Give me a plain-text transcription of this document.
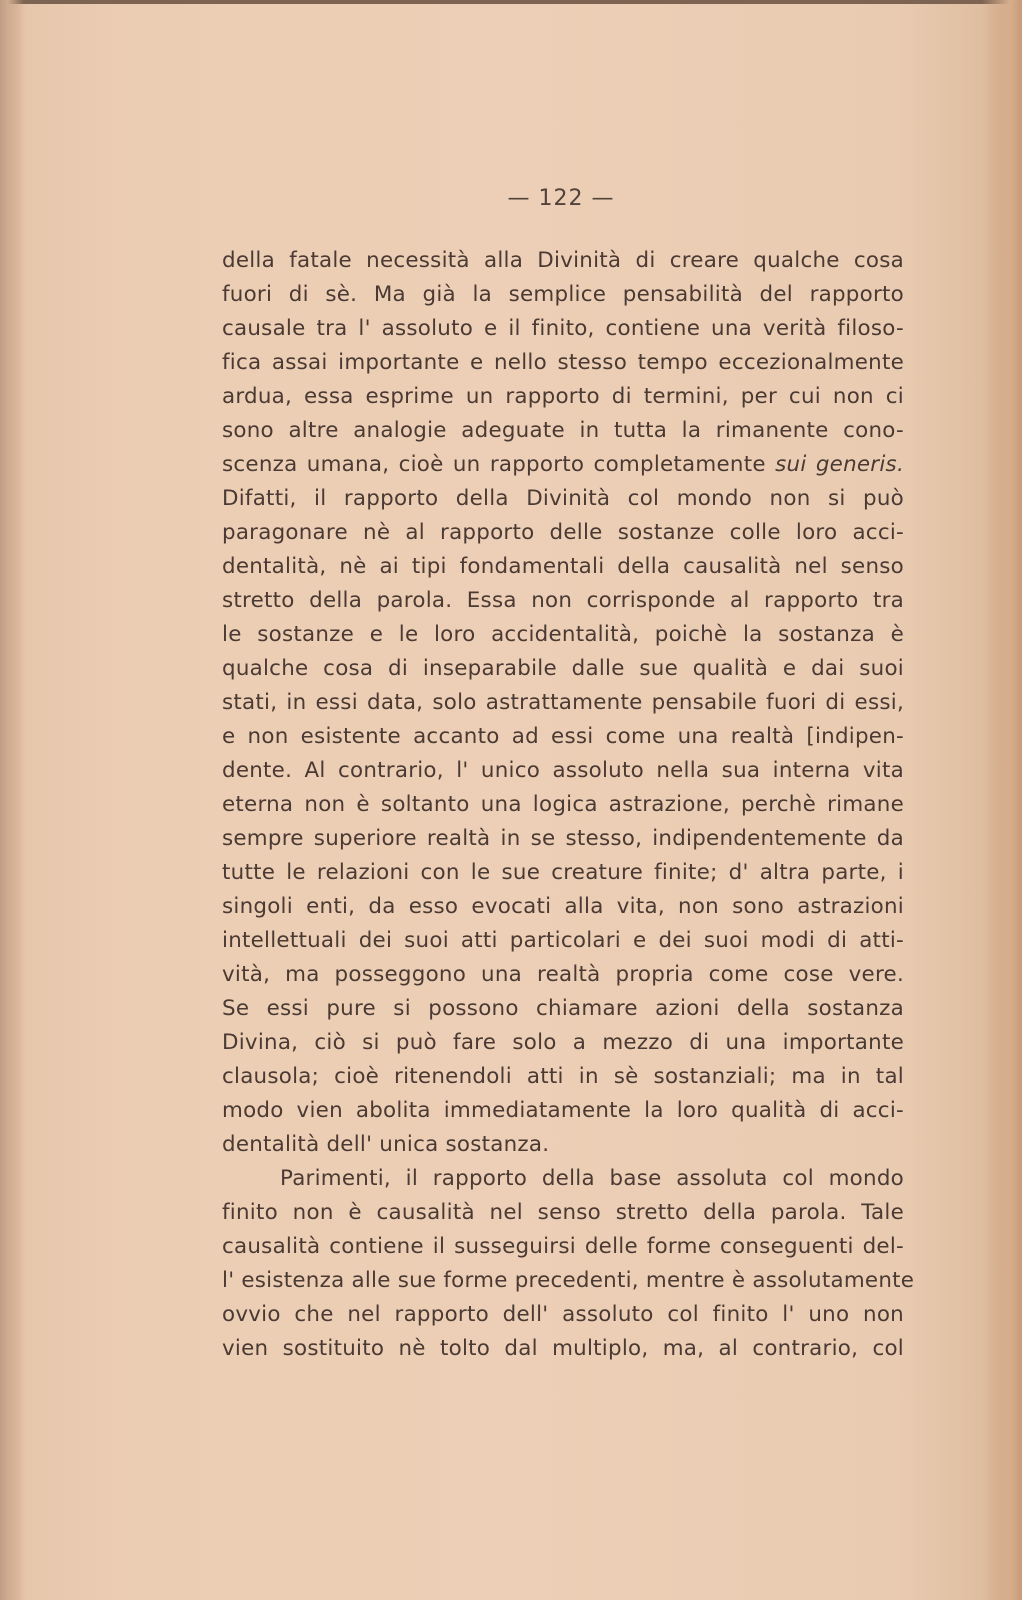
— 122 —
della fatale necessità alla Divinità di creare qualche cosa
fuori di sè. Ma già la semplice pensabilità del rapporto
causale tra l' assoluto e il finito, contiene una verità filoso-
fica assai importante e nello stesso tempo eccezionalmente
ardua, essa esprime un rapporto di termini, per cui non ci
sono altre analogie adeguate in tutta la rimanente cono-
scenza umana, cioè un rapporto completamente sui generis.
Difatti, il rapporto della Divinità col mondo non si può
paragonare nè al rapporto delle sostanze colle loro acci-
dentalità, nè ai tipi fondamentali della causalità nel senso
stretto della parola. Essa non corrisponde al rapporto tra
le sostanze e le loro accidentalità, poichè la sostanza è
qualche cosa di inseparabile dalle sue qualità e dai suoi
stati, in essi data, solo astrattamente pensabile fuori di essi,
e non esistente accanto ad essi come una realtà [indipen-
dente. Al contrario, l' unico assoluto nella sua interna vita
eterna non è soltanto una logica astrazione, perchè rimane
sempre superiore realtà in se stesso, indipendentemente da
tutte le relazioni con le sue creature finite; d' altra parte, i
singoli enti, da esso evocati alla vita, non sono astrazioni
intellettuali dei suoi atti particolari e dei suoi modi di atti-
vità, ma posseggono una realtà propria come cose vere.
Se essi pure si possono chiamare azioni della sostanza
Divina, ciò si può fare solo a mezzo di una importante
clausola; cioè ritenendoli atti in sè sostanziali; ma in tal
modo vien abolita immediatamente la loro qualità di acci-
dentalità dell' unica sostanza.
Parimenti, il rapporto della base assoluta col mondo
finito non è causalità nel senso stretto della parola. Tale
causalità contiene il susseguirsi delle forme conseguenti del-
l' esistenza alle sue forme precedenti, mentre è assolutamente
ovvio che nel rapporto dell' assoluto col finito l' uno non
vien sostituito nè tolto dal multiplo, ma, al contrario, col
